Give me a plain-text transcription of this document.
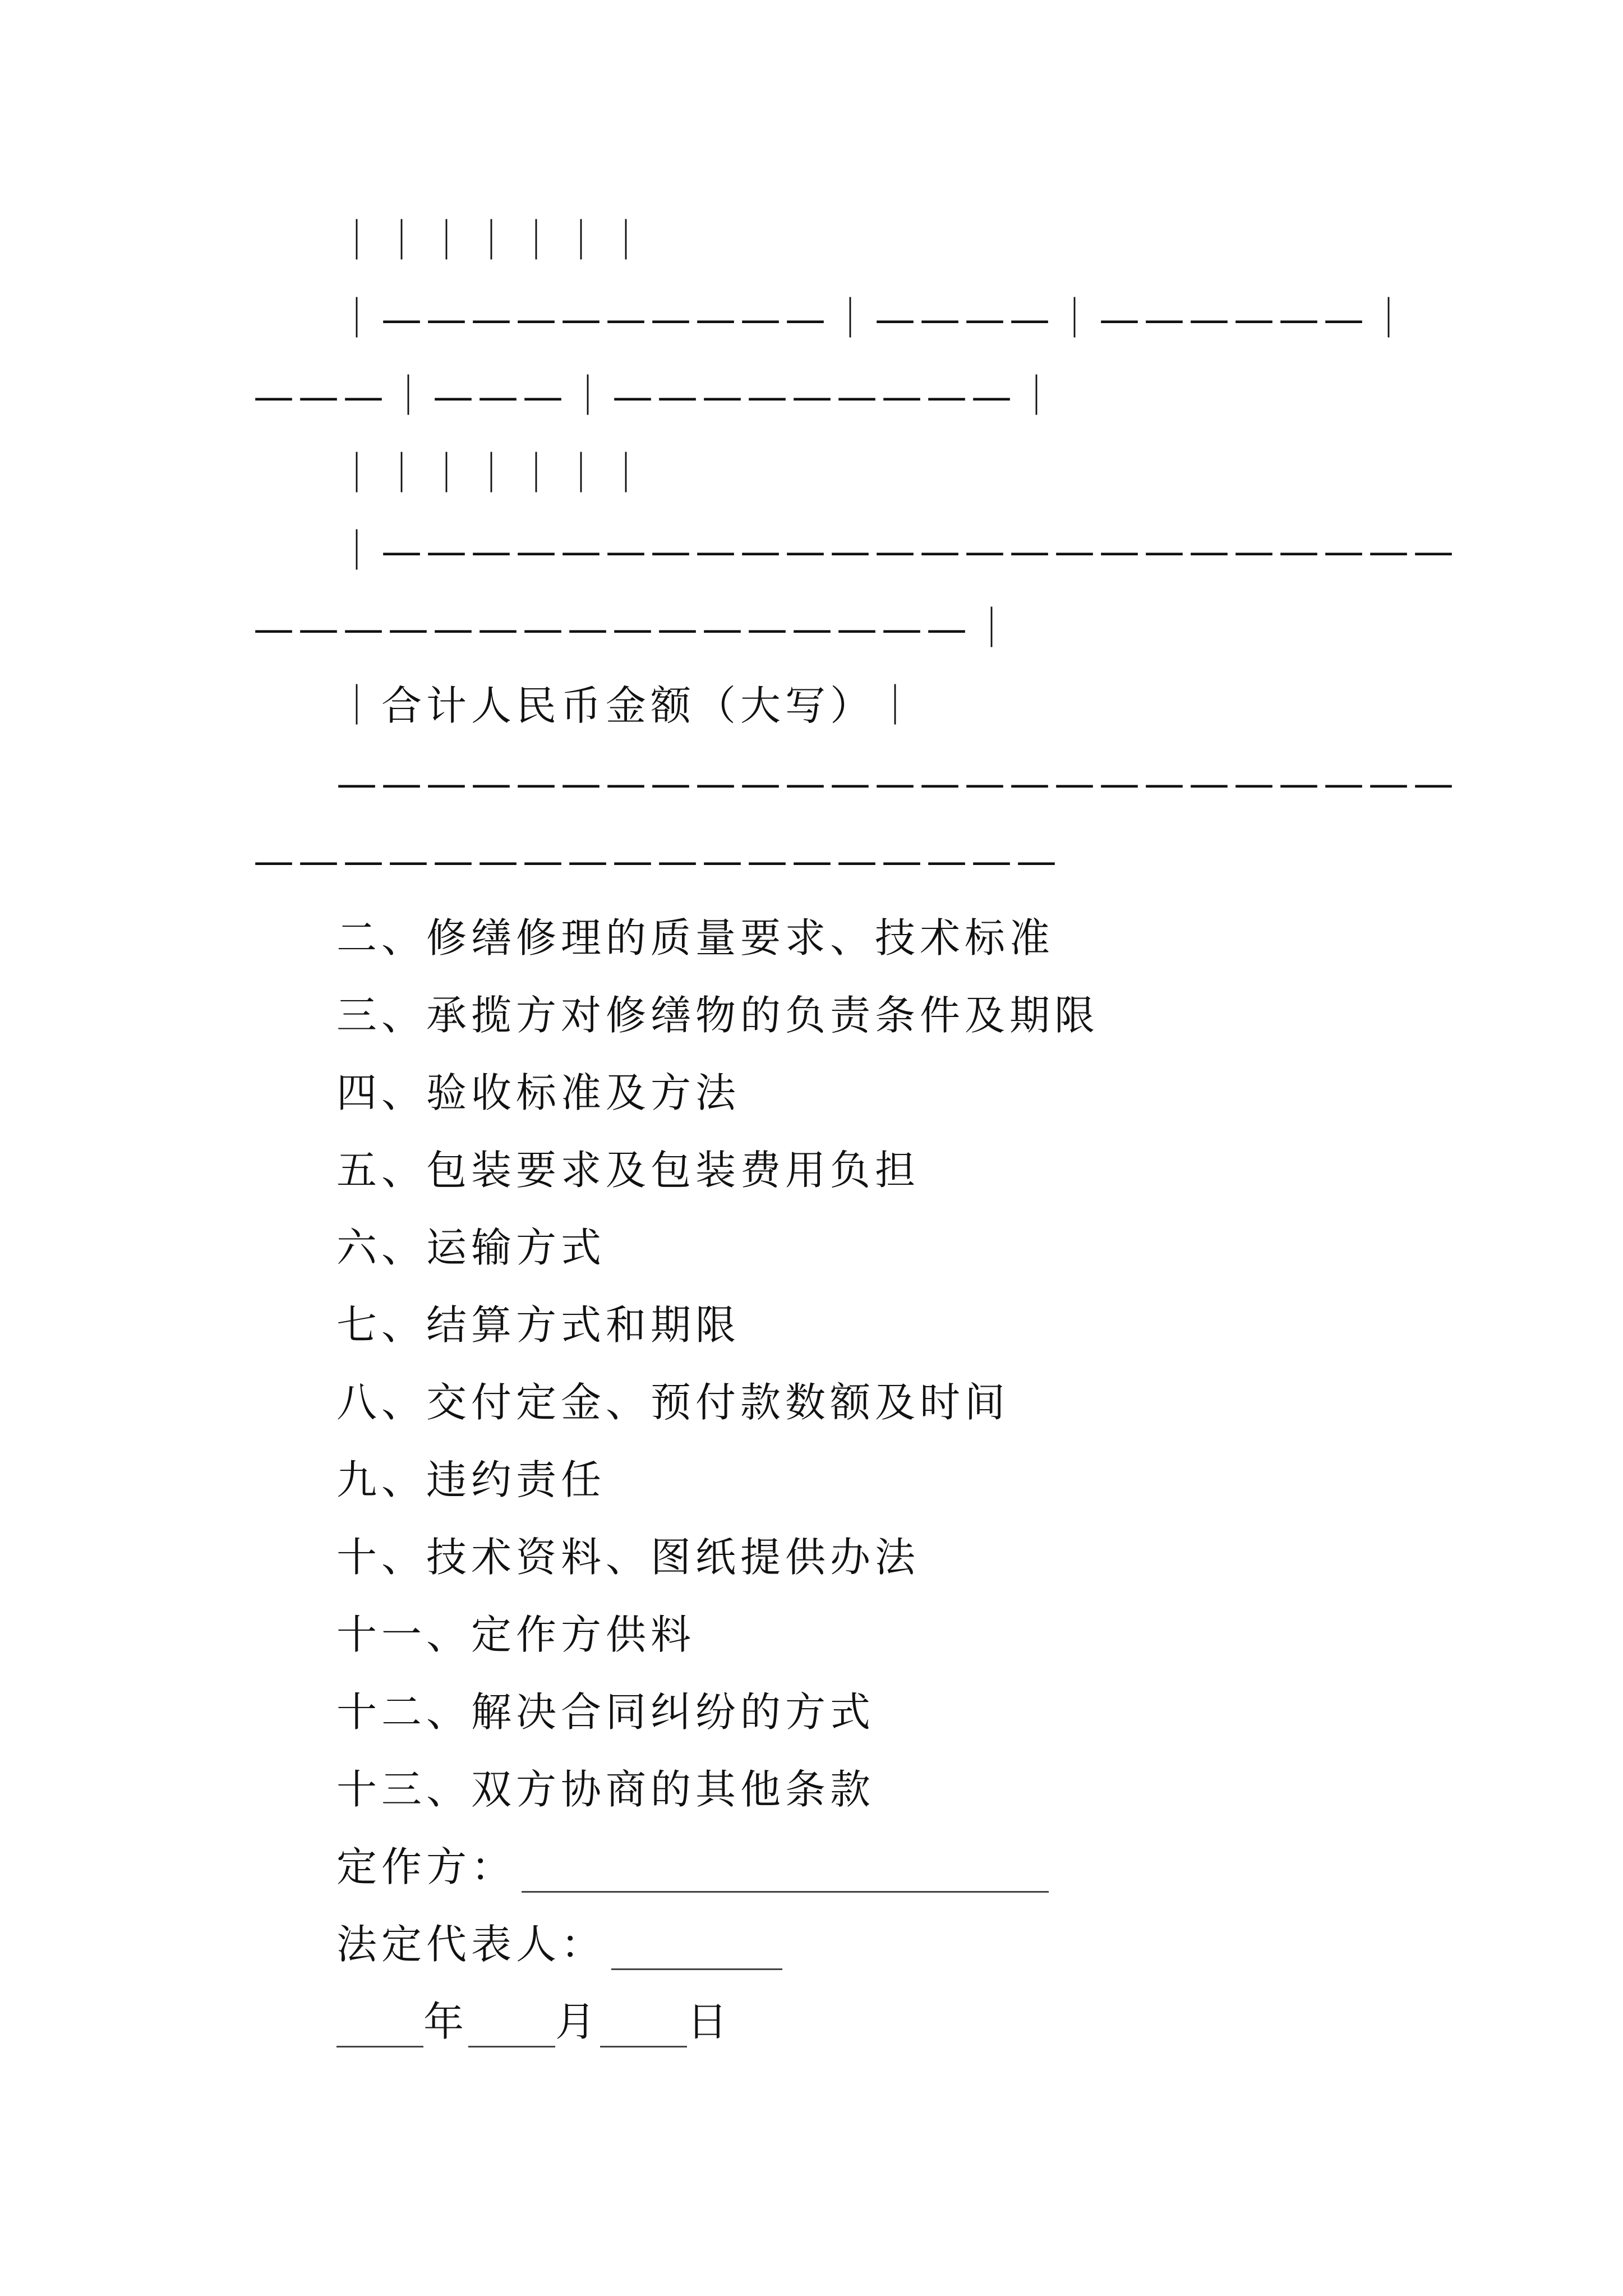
｜｜｜｜｜｜｜
｜——————————｜————｜——————｜
———｜———｜—————————｜
｜｜｜｜｜｜｜
｜————————————————————————
————————————————｜
｜合计人民币金额（大写）｜
—————————————————————————
——————————————————
二、修缮修理的质量要求、技术标准
三、承揽方对修缮物的负责条件及期限
四、验收标准及方法
五、包装要求及包装费用负担
六、运输方式
七、结算方式和期限
八、交付定金、预付款数额及时间
九、违约责任
十、技术资料、图纸提供办法
十一、定作方供料
十二、解决合同纠纷的方式
十三、双方协商的其他条款
定作方：
法定代表人：
年 月 日
